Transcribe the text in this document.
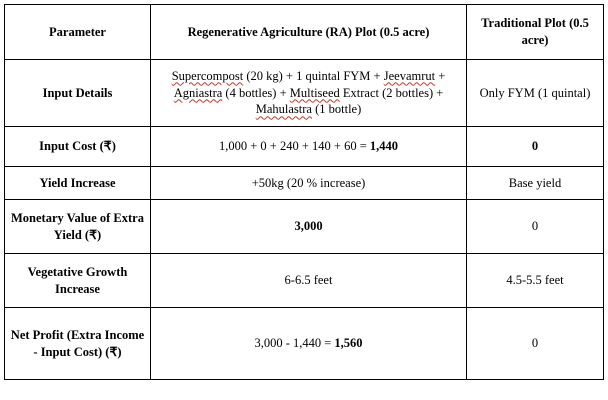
Parameter	Regenerative Agriculture (RA) Plot (0.5 acre)	Traditional Plot (0.5 acre)
Input Details	Supercompost (20 kg) + 1 quintal FYM + Jeevamrut + Agniastra (4 bottles) + Multiseed Extract (2 bottles) + Mahulastra (1 bottle)	Only FYM (1 quintal)
Input Cost (₹)	1,000 + 0 + 240 + 140 + 60 = 1,440	0
Yield Increase	+50kg (20 % increase)	Base yield
Monetary Value of Extra Yield (₹)	3,000	0
Vegetative Growth Increase	6-6.5 feet	4.5-5.5 feet
Net Profit (Extra Income - Input Cost) (₹)	3,000 - 1,440 = 1,560	0
